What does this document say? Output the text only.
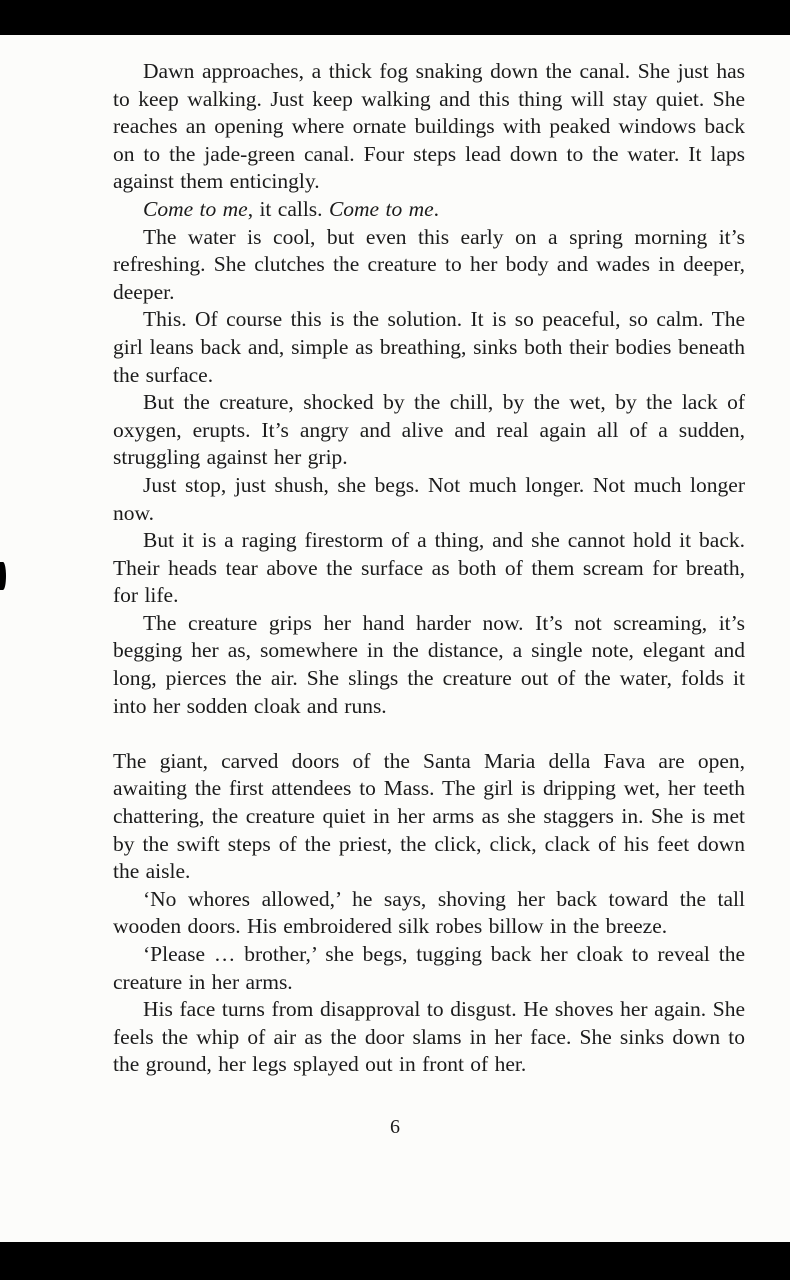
Dawn approaches, a thick fog snaking down the canal. She just has to keep walking. Just keep walking and this thing will stay quiet. She reaches an opening where ornate buildings with peaked windows back on to the jade-green canal. Four steps lead down to the water. It laps against them enticingly.

Come to me, it calls. Come to me.

The water is cool, but even this early on a spring morning it’s refreshing. She clutches the creature to her body and wades in deeper, deeper.

This. Of course this is the solution. It is so peaceful, so calm. The girl leans back and, simple as breathing, sinks both their bodies beneath the surface.

But the creature, shocked by the chill, by the wet, by the lack of oxygen, erupts. It’s angry and alive and real again all of a sudden, struggling against her grip.

Just stop, just shush, she begs. Not much longer. Not much longer now.

But it is a raging firestorm of a thing, and she cannot hold it back. Their heads tear above the surface as both of them scream for breath, for life.

The creature grips her hand harder now. It’s not screaming, it’s begging her as, somewhere in the distance, a single note, elegant and long, pierces the air. She slings the creature out of the water, folds it into her sodden cloak and runs.

The giant, carved doors of the Santa Maria della Fava are open, awaiting the first attendees to Mass. The girl is dripping wet, her teeth chattering, the creature quiet in her arms as she staggers in. She is met by the swift steps of the priest, the click, click, clack of his feet down the aisle.

‘No whores allowed,’ he says, shoving her back toward the tall wooden doors. His embroidered silk robes billow in the breeze.

‘Please … brother,’ she begs, tugging back her cloak to reveal the creature in her arms.

His face turns from disapproval to disgust. He shoves her again. She feels the whip of air as the door slams in her face. She sinks down to the ground, her legs splayed out in front of her.

6
